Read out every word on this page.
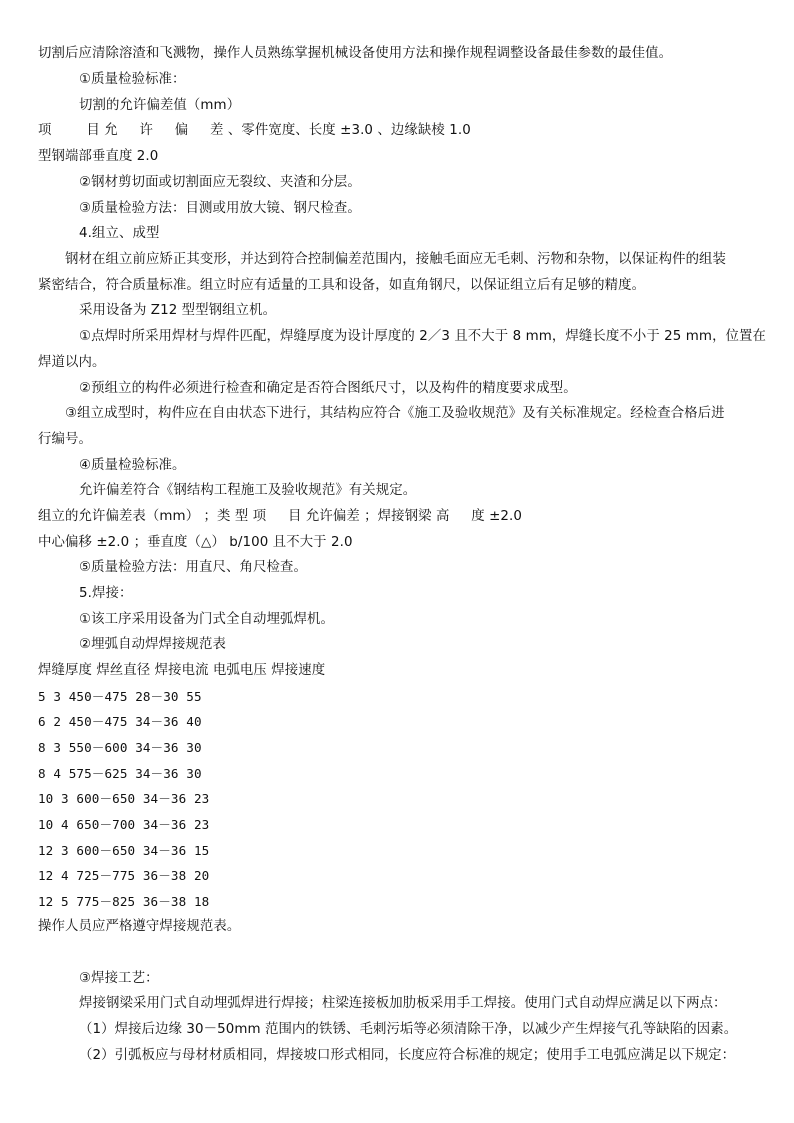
切割后应清除溶渣和飞溅物，操作人员熟练掌握机械设备使用方法和操作规程调整设备最佳参数的最佳值。
①质量检验标准：
切割的允许偏差值（mm）
项        目 允     许     偏     差 、零件宽度、长度 ±3.0 、边缘缺棱 1.0
型钢端部垂直度 2.0
②钢材剪切面或切割面应无裂纹、夹渣和分层。
③质量检验方法：目测或用放大镜、钢尺检查。
4.组立、成型
钢材在组立前应矫正其变形，并达到符合控制偏差范围内，接触毛面应无毛刺、污物和杂物，以保证构件的组装
紧密结合，符合质量标准。组立时应有适量的工具和设备，如直角钢尺，以保证组立后有足够的精度。
采用设备为 Z12 型型钢组立机。
①点焊时所采用焊材与焊件匹配，焊缝厚度为设计厚度的 2／3 且不大于 8 mm，焊缝长度不小于 25 mm，位置在
焊道以内。
②预组立的构件必须进行检查和确定是否符合图纸尺寸，以及构件的精度要求成型。
③组立成型时，构件应在自由状态下进行，其结构应符合《施工及验收规范》及有关标准规定。经检查合格后进
行编号。
④质量检验标准。
允许偏差符合《钢结构工程施工及验收规范》有关规定。
组立的允许偏差表（mm） ；类 型 项     目 允许偏差 ；焊接钢梁 高     度 ±2.0
中心偏移 ±2.0 ；垂直度（△） b/100 且不大于 2.0
⑤质量检验方法：用直尺、角尺检查。
5.焊接：
①该工序采用设备为门式全自动埋弧焊机。
②埋弧自动焊焊接规范表
焊缝厚度 焊丝直径 焊接电流 电弧电压 焊接速度
5 3 450－475 28－30 55
6 2 450－475 34－36 40
8 3 550－600 34－36 30
8 4 575－625 34－36 30
10 3 600－650 34－36 23
10 4 650－700 34－36 23
12 3 600－650 34－36 15
12 4 725－775 36－38 20
12 5 775－825 36－38 18
操作人员应严格遵守焊接规范表。
③焊接工艺：
焊接钢梁采用门式自动埋弧焊进行焊接；柱梁连接板加肋板采用手工焊接。使用门式自动焊应满足以下两点：
（1）焊接后边缘 30－50mm 范围内的铁锈、毛刺污垢等必须清除干净，以减少产生焊接气孔等缺陷的因素。
（2）引弧板应与母材材质相同，焊接坡口形式相同，长度应符合标准的规定；使用手工电弧应满足以下规定：
